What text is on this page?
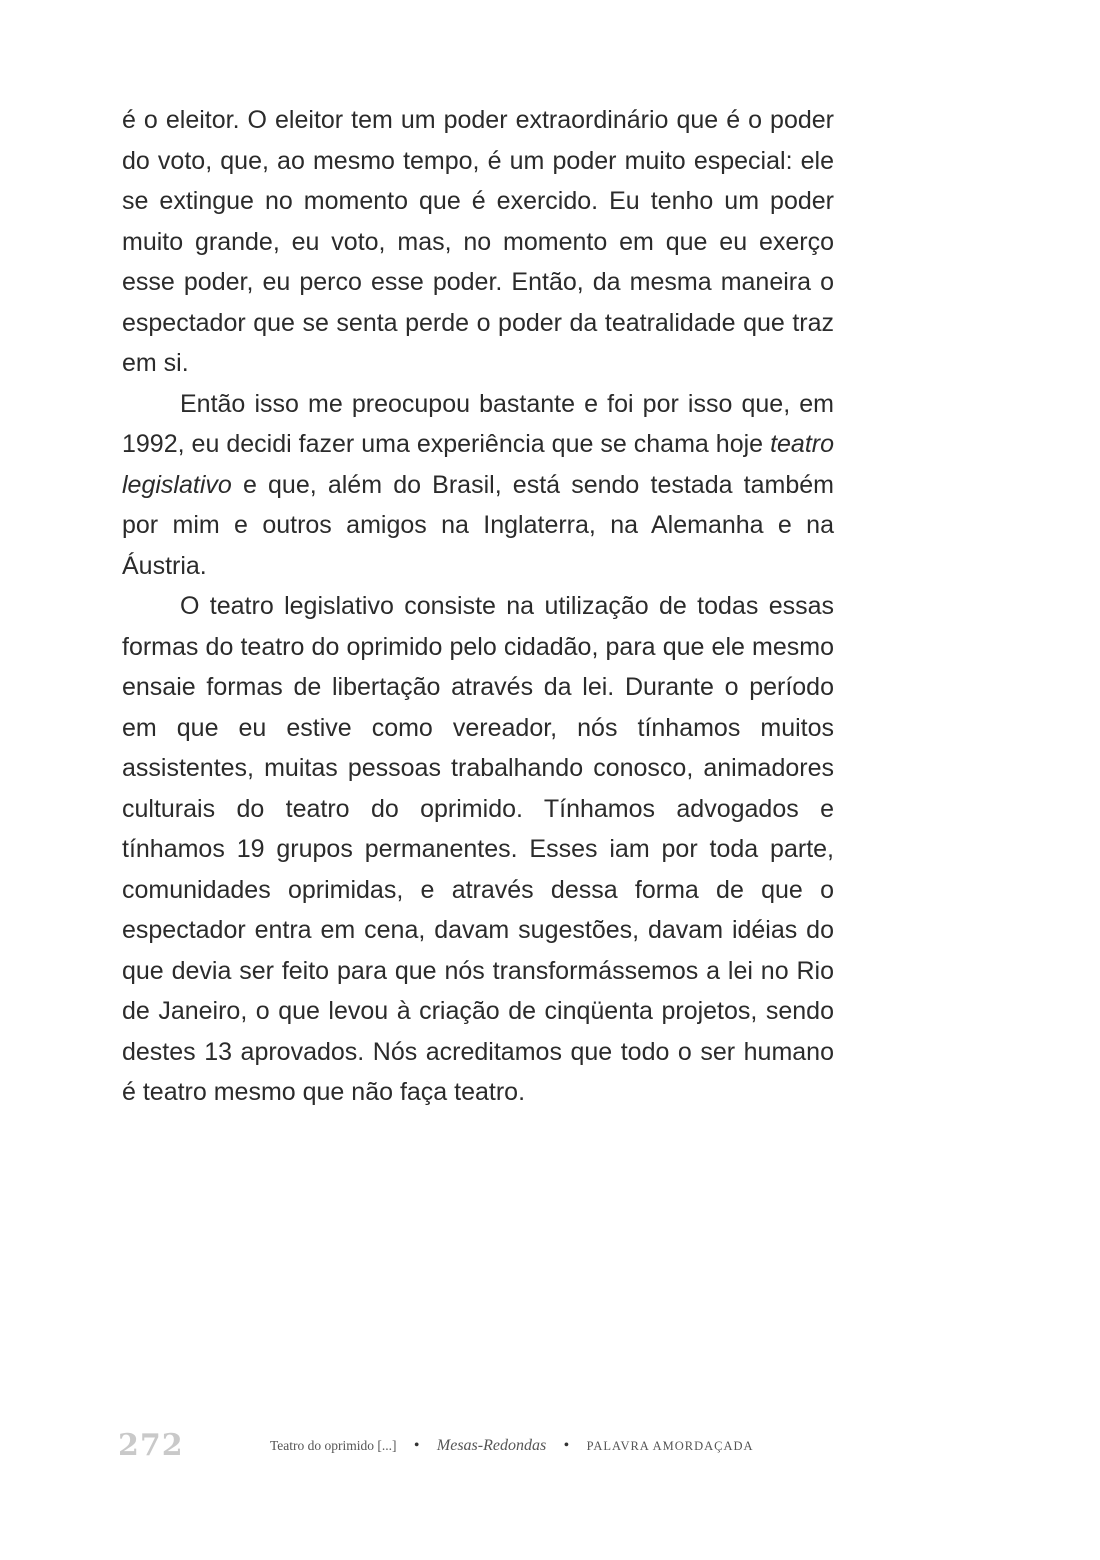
é o eleitor. O eleitor tem um poder extraordinário que é o poder do voto, que, ao mesmo tempo, é um poder muito especial: ele se extingue no momento que é exercido. Eu tenho um poder muito grande, eu voto, mas, no momento em que eu exerço esse poder, eu perco esse poder. Então, da mesma maneira o espectador que se senta perde o poder da teatralidade que traz em si.

Então isso me preocupou bastante e foi por isso que, em 1992, eu decidi fazer uma experiência que se chama hoje teatro legislativo e que, além do Brasil, está sendo testada também por mim e outros amigos na Inglaterra, na Alemanha e na Áustria.

O teatro legislativo consiste na utilização de todas essas formas do teatro do oprimido pelo cidadão, para que ele mesmo ensaie formas de libertação através da lei. Durante o período em que eu estive como vereador, nós tínhamos muitos assistentes, muitas pessoas trabalhando conosco, animadores culturais do teatro do oprimido. Tínhamos advogados e tínhamos 19 grupos permanentes. Esses iam por toda parte, comunidades oprimidas, e através dessa forma de que o espectador entra em cena, davam sugestões, davam idéias do que devia ser feito para que nós transformássemos a lei no Rio de Janeiro, o que levou à criação de cinqüenta projetos, sendo destes 13 aprovados. Nós acreditamos que todo o ser humano é teatro mesmo que não faça teatro.

272	Teatro do oprimido [...] • Mesas-Redondas • PALAVRA AMORDAÇADA
